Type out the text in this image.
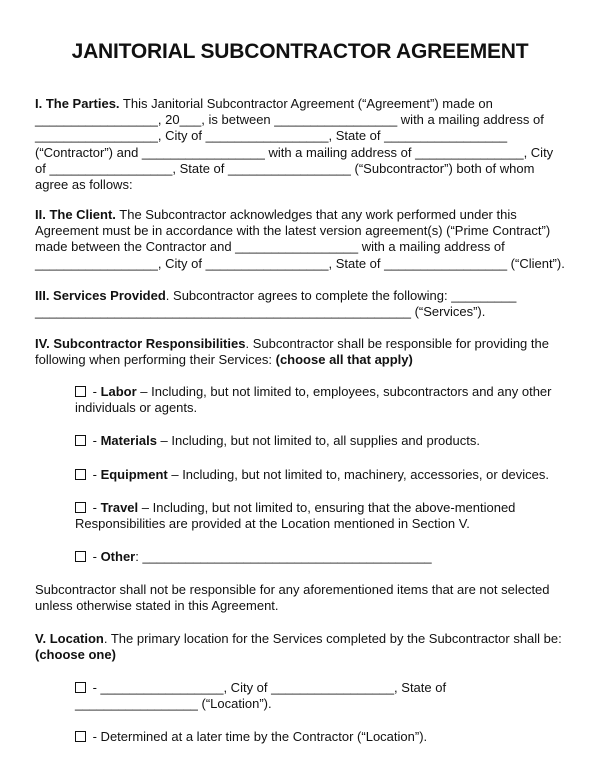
JANITORIAL SUBCONTRACTOR AGREEMENT

I. The Parties. This Janitorial Subcontractor Agreement (“Agreement”) made on _________________, 20___, is between _________________ with a mailing address of _________________, City of _________________, State of _________________ (“Contractor”) and _________________ with a mailing address of _______________, City of _________________, State of _________________ (“Subcontractor”) both of whom agree as follows:

II. The Client. The Subcontractor acknowledges that any work performed under this Agreement must be in accordance with the latest version agreement(s) (“Prime Contract”) made between the Contractor and _________________ with a mailing address of _________________, City of _________________, State of _________________ (“Client”).

III. Services Provided. Subcontractor agrees to complete the following: _________ ____________________________________________________ (“Services”).

IV. Subcontractor Responsibilities. Subcontractor shall be responsible for providing the following when performing their Services: (choose all that apply)

- Labor – Including, but not limited to, employees, subcontractors and any other individuals or agents.
- Materials – Including, but not limited to, all supplies and products.
- Equipment – Including, but not limited to, machinery, accessories, or devices.
- Travel – Including, but not limited to, ensuring that the above-mentioned Responsibilities are provided at the Location mentioned in Section V.
- Other: ________________________________________

Subcontractor shall not be responsible for any aforementioned items that are not selected unless otherwise stated in this Agreement.

V. Location. The primary location for the Services completed by the Subcontractor shall be: (choose one)

- _________________, City of _________________, State of _________________ (“Location”).
- Determined at a later time by the Contractor (“Location”).
